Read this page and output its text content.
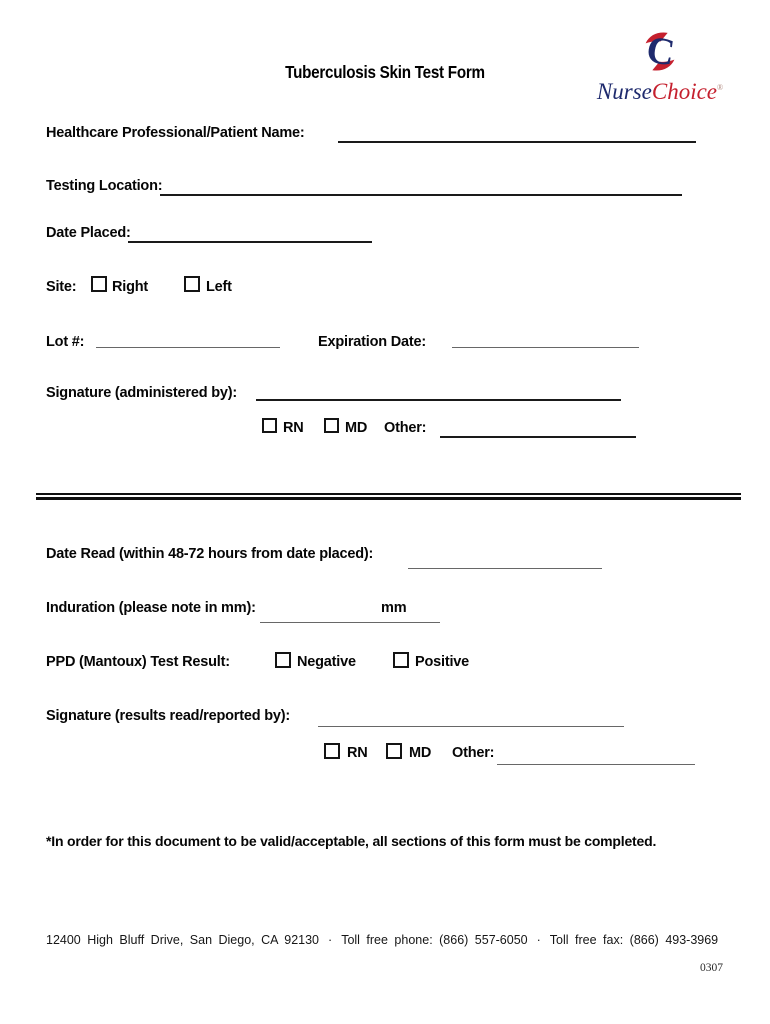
Tuberculosis Skin Test Form	C
NurseChoice®
Healthcare Professional/Patient Name:
Testing Location:
Date Placed:
Site: Right	Left
Lot #:	Expiration Date:
Signature (administered by):
RN	MD Other:
Date Read (within 48-72 hours from date placed):
Induration (please note in mm):	mm
PPD (Mantoux) Test Result:	Negative	Positive
Signature (results read/reported by):
RN	MD Other:
*In order for this document to be valid/acceptable, all sections of this form must be completed.
12400 High Bluff Drive, San Diego, CA 92130 · Toll free phone: (866) 557-6050 · Toll free fax: (866) 493-3969
0307
